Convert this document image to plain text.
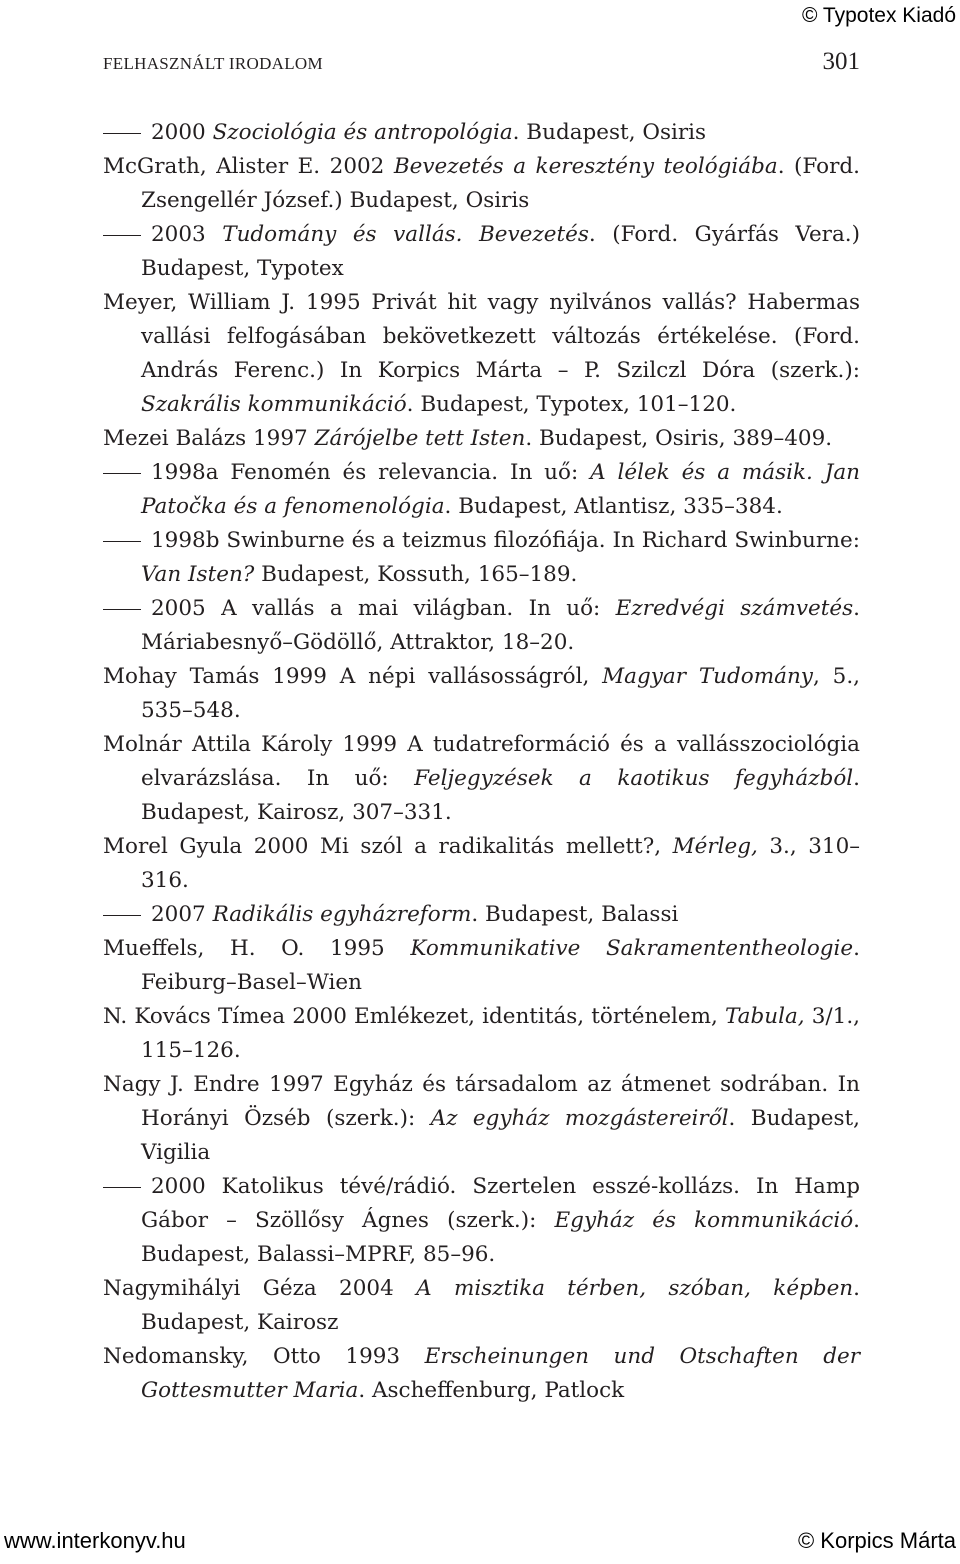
© Typotex Kiadó
FELHASZNÁLT IRODALOM	301

2000 Szociológia és antropológia. Budapest, Osiris

McGrath, Alister E. 2002 Bevezetés a keresztény teológiába. (Ford. Zsengellér József.) Budapest, Osiris

2003 Tudomány és vallás. Bevezetés. (Ford. Gyárfás Vera.) Budapest, Typotex

Meyer, William J. 1995 Privát hit vagy nyilvános vallás? Habermas vallási felfogásában bekövetkezett változás értékelése. (Ford. András Ferenc.) In Korpics Márta – P. Szilczl Dóra (szerk.): Szakrális kommunikáció. Budapest, Typotex, 101–120.

Mezei Balázs 1997 Zárójelbe tett Isten. Budapest, Osiris, 389–409.

1998a Fenomén és relevancia. In uő: A lélek és a másik. Jan Patočka és a fenomenológia. Budapest, Atlantisz, 335–384.

1998b Swinburne és a teizmus filozófiája. In Richard Swinburne: Van Isten? Budapest, Kossuth, 165–189.

2005 A vallás a mai világban. In uő: Ezredvégi számvetés. Máriabesnyő–Gödöllő, Attraktor, 18–20.

Mohay Tamás 1999 A népi vallásosságról, Magyar Tudomány, 5., 535–548.

Molnár Attila Károly 1999 A tudatreformáció és a vallásszociológia elvarázslása. In uő: Feljegyzések a kaotikus fegyházból. Budapest, Kairosz, 307–331.

Morel Gyula 2000 Mi szól a radikalitás mellett?, Mérleg, 3., 310–316.

2007 Radikális egyházreform. Budapest, Balassi

Mueffels, H. O. 1995 Kommunikative Sakramententheologie. Feiburg–Basel–Wien

N. Kovács Tímea 2000 Emlékezet, identitás, történelem, Tabula, 3/1., 115–126.

Nagy J. Endre 1997 Egyház és társadalom az átmenet sodrában. In Horányi Özséb (szerk.): Az egyház mozgástereiről. Budapest, Vigilia

2000 Katolikus tévé/rádió. Szertelen esszé-kollázs. In Hamp Gábor – Szöllősy Ágnes (szerk.): Egyház és kommunikáció. Budapest, Balassi–MPRF, 85–96.

Nagymihályi Géza 2004 A misztika térben, szóban, képben. Budapest, Kairosz

Nedomansky, Otto 1993 Erscheinungen und Otschaften der Gottesmutter Maria. Ascheffenburg, Patlock

www.interkonyv.hu	© Korpics Márta
